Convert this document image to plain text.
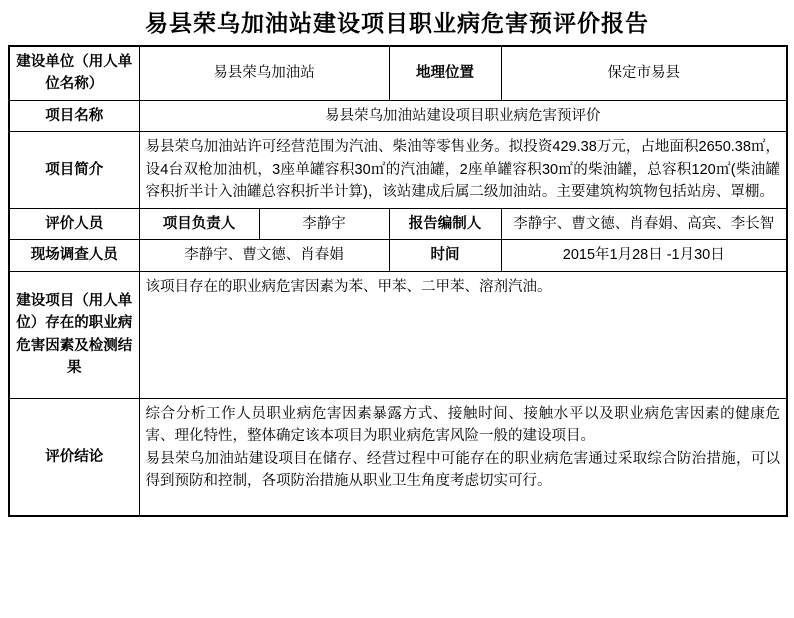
易县荣乌加油站建设项目职业病危害预评价报告
建设单位（用人单位名称）	易县荣乌加油站		地理位置	保定市易县
项目名称	易县荣乌加油站建设项目职业病危害预评价			
项目简介	易县荣乌加油站许可经营范围为汽油、柴油等零售业务。拟投资429.38万元，占地面积2650.38㎡，设4台双枪加油机，3座单罐容积30㎡的汽油罐，2座单罐容积30㎡的柴油罐，总容积120㎡(柴油罐容积折半计入油罐总容积折半计算)，该站建成后属二级加油站。主要建筑构筑物包括站房、罩棚。			
评价人员	项目负责人	李静宇	报告编制人	李静宇、曹文德、肖春娟、高宾、李长智
现场调查人员	李静宇、曹文德、肖春娟		时间	2015年1月28日 -1月30日
建设项目（用人单位）存在的职业病危害因素及检测结果	该项目存在的职业病危害因素为苯、甲苯、二甲苯、溶剂汽油。			
评价结论	综合分析工作人员职业病危害因素暴露方式、接触时间、接触水平以及职业病危害因素的健康危害、理化特性，整体确定该本项目为职业病危害风险一般的建设项目。
易县荣乌加油站建设项目在储存、经营过程中可能存在的职业病危害通过采取综合防治措施，可以得到预防和控制，各项防治措施从职业卫生角度考虑切实可行。			
